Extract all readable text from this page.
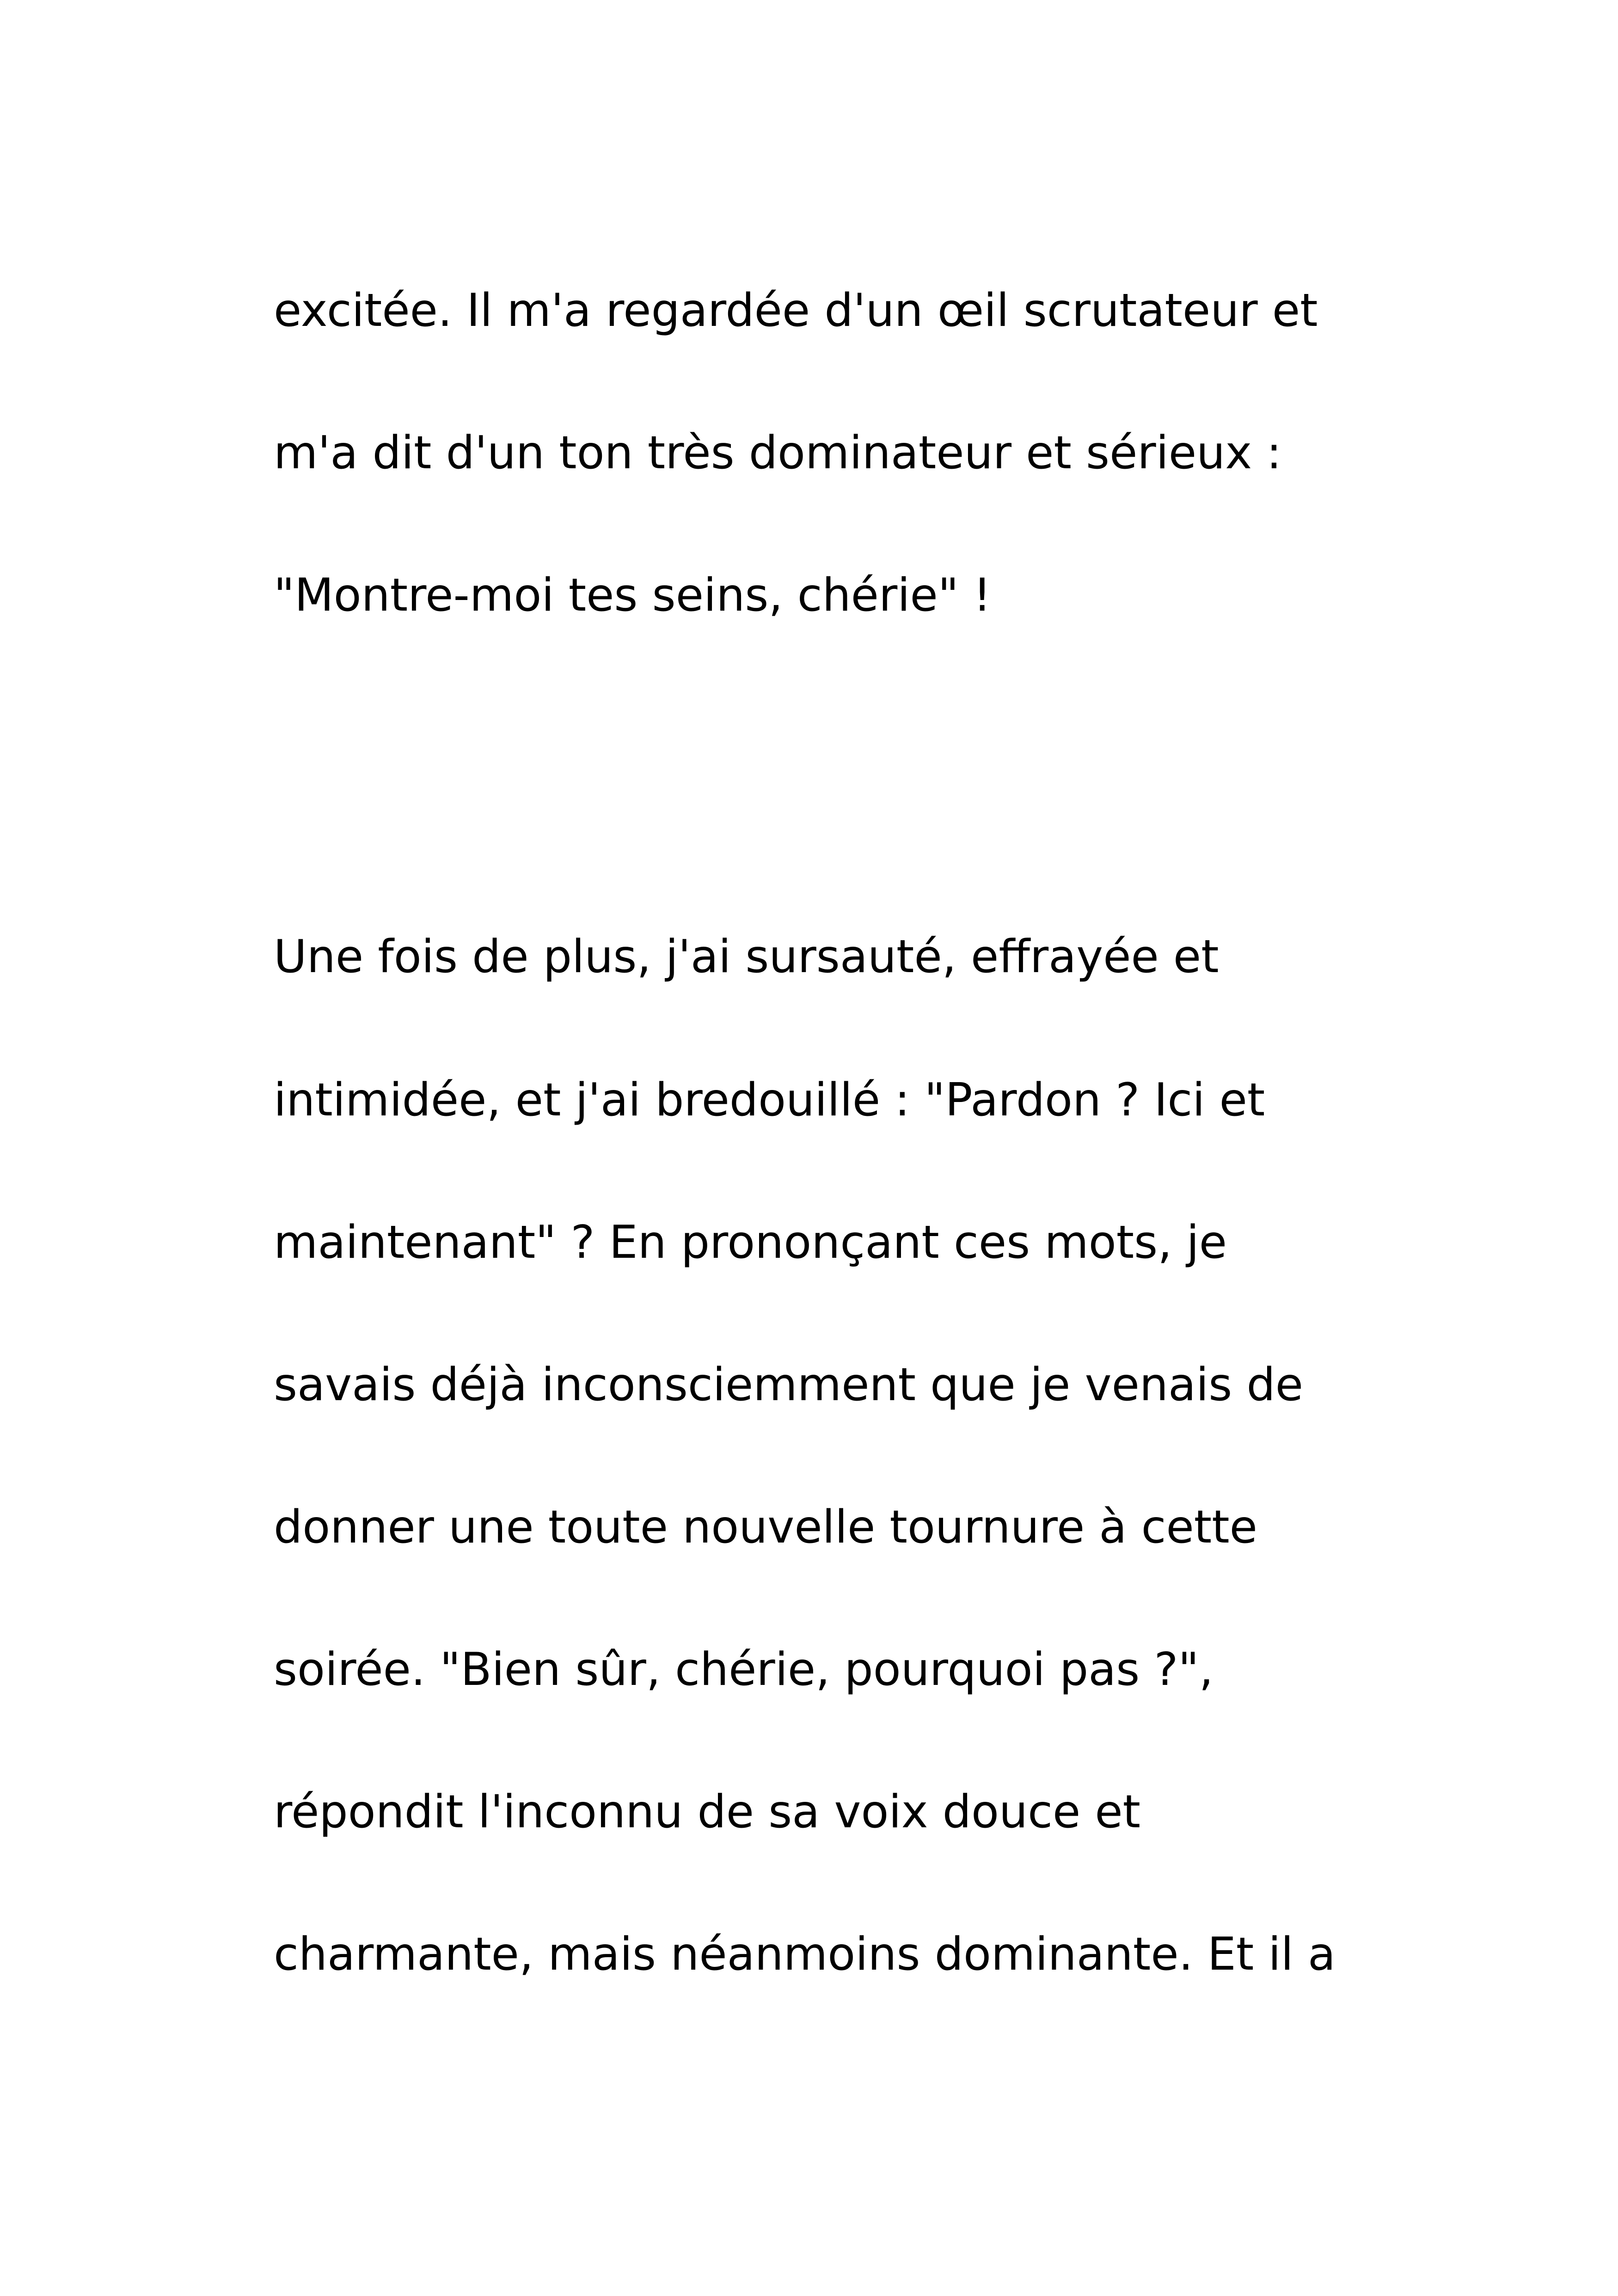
excitée. Il m'a regardée d'un œil scrutateur et

m'a dit d'un ton très dominateur et sérieux :

"Montre-moi tes seins, chérie" !

Une fois de plus, j'ai sursauté, effrayée et

intimidée, et j'ai bredouillé : "Pardon ? Ici et

maintenant" ? En prononçant ces mots, je

savais déjà inconsciemment que je venais de

donner une toute nouvelle tournure à cette

soirée. "Bien sûr, chérie, pourquoi pas ?",

répondit l'inconnu de sa voix douce et

charmante, mais néanmoins dominante. Et il a
